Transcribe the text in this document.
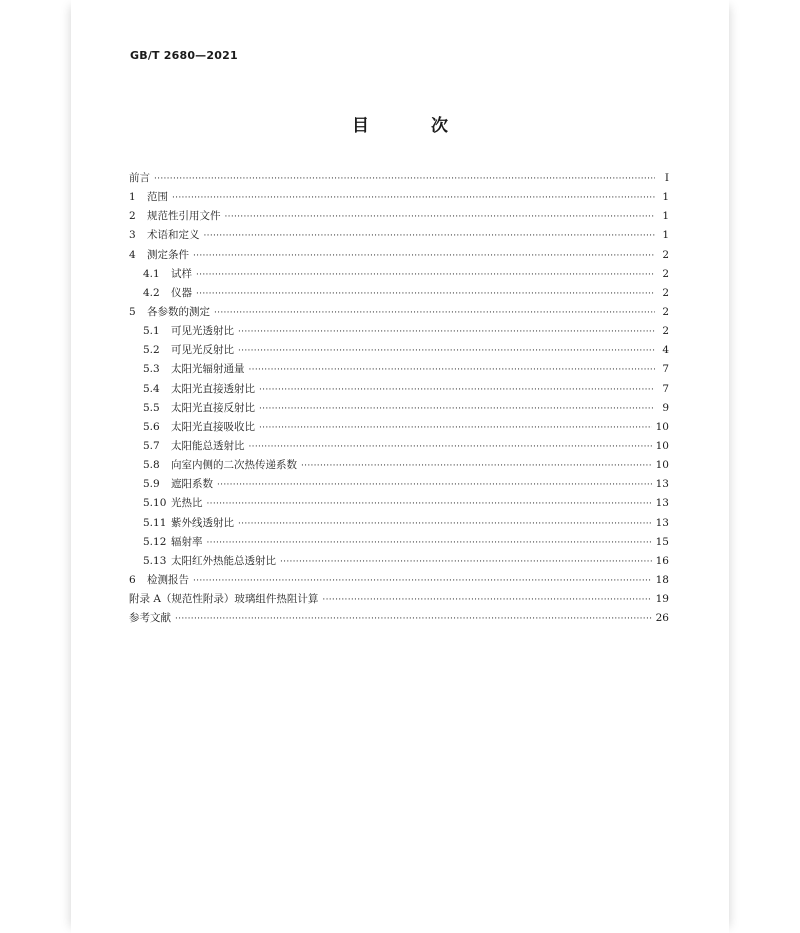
GB/T 2680—2021
目 次
前言 ·····	I
1	范围 ·····	1
2	规范性引用文件 ·····	1
3	术语和定义 ·····	1
4	测定条件 ·····	2
4.1	试样 ·····	2
4.2	仪器 ·····	2
5	各参数的测定 ·····	2
5.1	可见光透射比 ·····	2
5.2	可见光反射比 ·····	4
5.3	太阳光辐射通量 ·····	7
5.4	太阳光直接透射比 ·····	7
5.5	太阳光直接反射比 ·····	9
5.6	太阳光直接吸收比 ·····	10
5.7	太阳能总透射比 ·····	10
5.8	向室内侧的二次热传递系数 ·····	10
5.9	遮阳系数 ·····	13
5.10 光热比 ·····	13
5.11 紫外线透射比 ·····	13
5.12 辐射率 ·····	15
5.13 太阳红外热能总透射比 ·····	16
6	检测报告 ·····	18
附录 A（规范性附录）玻璃组件热阻计算 ·····	19
参考文献 ·····	26
